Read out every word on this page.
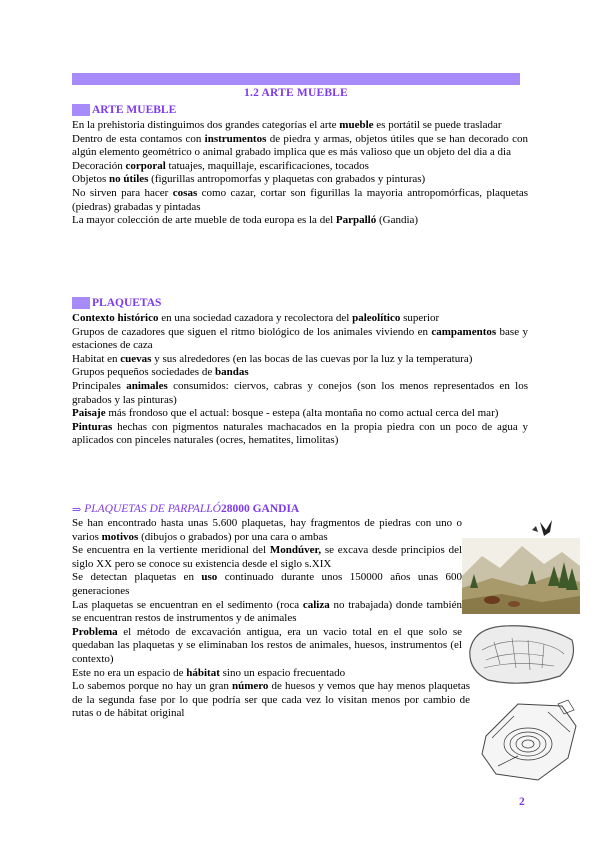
1.2 ARTE MUEBLE
ARTE MUEBLE

En la prehistoria distinguimos dos grandes categorías el arte mueble es portátil se puede trasladar

Dentro de esta contamos con instrumentos de piedra y armas, objetos útiles que se han decorado con algún elemento geométrico o animal grabado implica que es más valioso que un objeto del dia a dia

Decoración corporal tatuajes, maquillaje, escarificaciones, tocados

Objetos no útiles (figurillas antropomorfas y plaquetas con grabados y pinturas)

No sirven para hacer cosas como cazar, cortar son figurillas la mayoria antropomórficas, plaquetas (piedras) grabadas y pintadas

La mayor colección de arte mueble de toda europa es la del Parpalló (Gandia)

PLAQUETAS

Contexto histórico en una sociedad cazadora y recolectora del paleolítico superior

Grupos de cazadores que siguen el ritmo biológico de los animales viviendo en campamentos base y estaciones de caza

Habitat en cuevas y sus alrededores (en las bocas de las cuevas por la luz y la temperatura)

Grupos pequeños sociedades de bandas

Principales animales consumidos: ciervos, cabras y conejos (son los menos representados en los grabados y las pinturas)

Paisaje más frondoso que el actual: bosque - estepa (alta montaña no como actual cerca del mar)

Pinturas hechas con pigmentos naturales machacados en la propia piedra con un poco de agua y aplicados con pinceles naturales (ocres, hematites, limolitas)

⇒ PLAQUETAS DE PARPALLÓ 28000 GANDIA

Se han encontrado hasta unas 5.600 plaquetas, hay fragmentos de piedras con uno o varios motivos (dibujos o grabados) por una cara o ambas

Se encuentra en la vertiente meridional del Mondúver, se excava desde principios del siglo XX pero se conoce su existencia desde el siglo s.XIX

Se detectan plaquetas en uso continuado durante unos 150000 años unas 600 generaciones

Las plaquetas se encuentran en el sedimento (roca caliza no trabajada) donde también se encuentran restos de instrumentos y de animales

Problema el método de excavación antigua, era un vacio total en el que solo se quedaban las plaquetas y se eliminaban los restos de animales, huesos, instrumentos (el contexto)

Este no era un espacio de hábitat sino un espacio frecuentado

Lo sabemos porque no hay un gran número de huesos y vemos que hay menos plaquetas de la segunda fase por lo que podría ser que cada vez lo visitan menos por cambio de rutas o de hábitat original

2
